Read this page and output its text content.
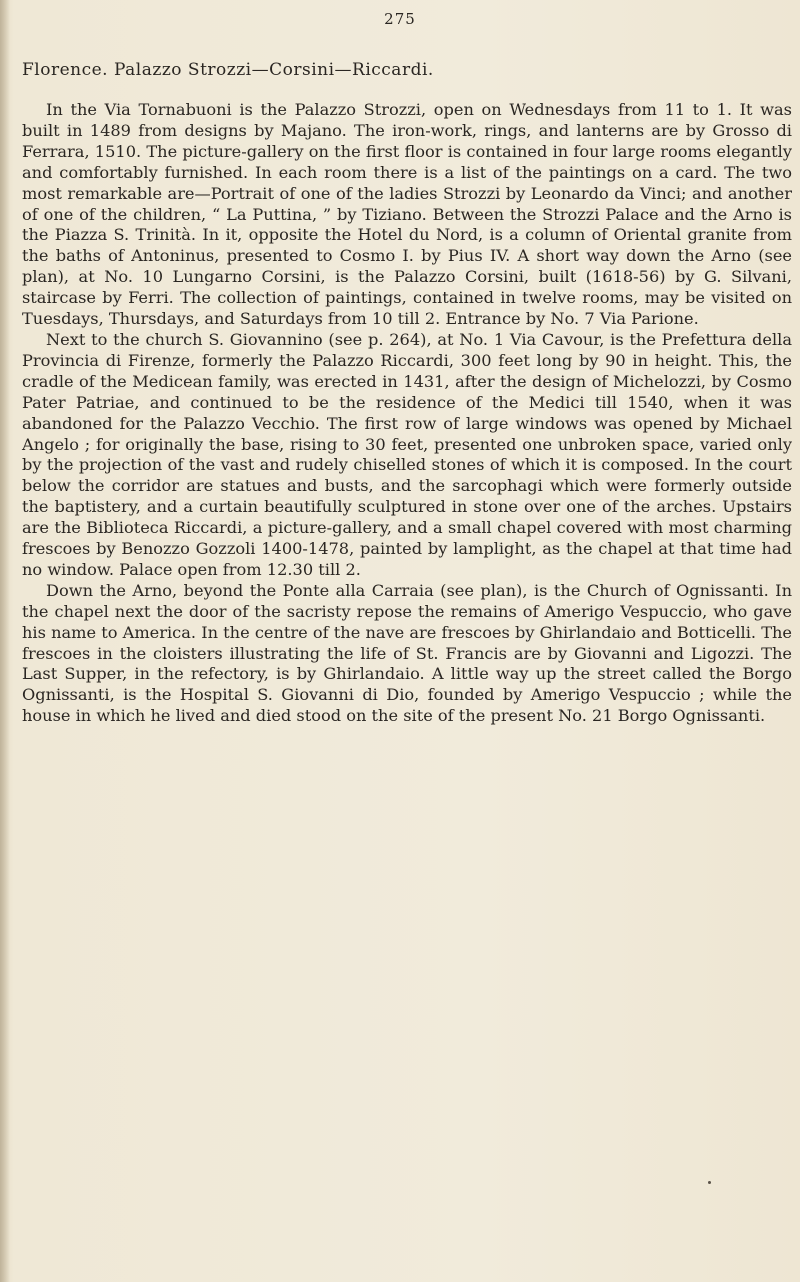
275
Florence. Palazzo Strozzi—Corsini—Riccardi.

In the Via Tornabuoni is the Palazzo Strozzi, open on Wednesdays from 11 to 1. It was built in 1489 from designs by Majano. The iron-work, rings, and lanterns are by Grosso di Ferrara, 1510. The picture-gallery on the first floor is contained in four large rooms elegantly and comfortably furnished. In each room there is a list of the paintings on a card. The two most remarkable are—Portrait of one of the ladies Strozzi by Leonardo da Vinci; and another of one of the children, “ La Puttina, ” by Tiziano. Between the Strozzi Palace and the Arno is the Piazza S. Trinità. In it, opposite the Hotel du Nord, is a column of Oriental granite from the baths of Antoninus, presented to Cosmo I. by Pius IV. A short way down the Arno (see plan), at No. 10 Lungarno Corsini, is the Palazzo Corsini, built (1618-56) by G. Silvani, staircase by Ferri. The collection of paintings, contained in twelve rooms, may be visited on Tuesdays, Thursdays, and Saturdays from 10 till 2. Entrance by No. 7 Via Parione.

Next to the church S. Giovannino (see p. 264), at No. 1 Via Cavour, is the Prefettura della Provincia di Firenze, formerly the Palazzo Riccardi, 300 feet long by 90 in height. This, the cradle of the Medicean family, was erected in 1431, after the design of Michelozzi, by Cosmo Pater Patriae, and continued to be the residence of the Medici till 1540, when it was abandoned for the Palazzo Vecchio. The first row of large windows was opened by Michael Angelo ; for originally the base, rising to 30 feet, presented one unbroken space, varied only by the projection of the vast and rudely chiselled stones of which it is composed. In the court below the corridor are statues and busts, and the sarcophagi which were formerly outside the baptistery, and a curtain beautifully sculptured in stone over one of the arches. Upstairs are the Biblioteca Riccardi, a picture-gallery, and a small chapel covered with most charming frescoes by Benozzo Gozzoli 1400-1478, painted by lamplight, as the chapel at that time had no window. Palace open from 12.30 till 2.

Down the Arno, beyond the Ponte alla Carraia (see plan), is the Church of Ognissanti. In the chapel next the door of the sacristy repose the remains of Amerigo Vespuccio, who gave his name to America. In the centre of the nave are frescoes by Ghirlandaio and Botticelli. The frescoes in the cloisters illustrating the life of St. Francis are by Giovanni and Ligozzi. The Last Supper, in the refectory, is by Ghirlandaio. A little way up the street called the Borgo Ognissanti, is the Hospital S. Giovanni di Dio, founded by Amerigo Vespuccio ; while the house in which he lived and died stood on the site of the present No. 21 Borgo Ognissanti.
